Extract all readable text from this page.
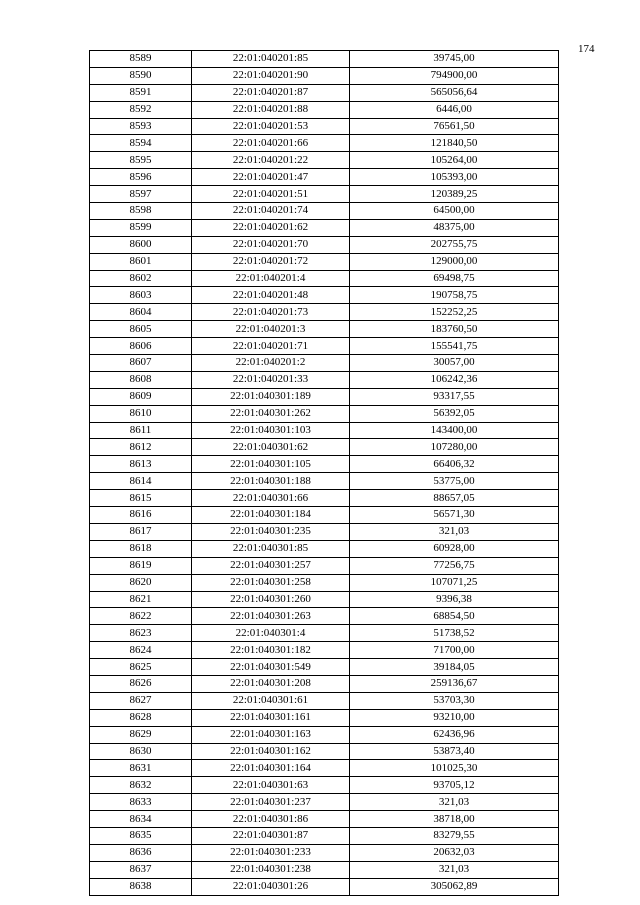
174
8589	22:01:040201:85	39745,00
8590	22:01:040201:90	794900,00
8591	22:01:040201:87	565056,64
8592	22:01:040201:88	6446,00
8593	22:01:040201:53	76561,50
8594	22:01:040201:66	121840,50
8595	22:01:040201:22	105264,00
8596	22:01:040201:47	105393,00
8597	22:01:040201:51	120389,25
8598	22:01:040201:74	64500,00
8599	22:01:040201:62	48375,00
8600	22:01:040201:70	202755,75
8601	22:01:040201:72	129000,00
8602	22:01:040201:4	69498,75
8603	22:01:040201:48	190758,75
8604	22:01:040201:73	152252,25
8605	22:01:040201:3	183760,50
8606	22:01:040201:71	155541,75
8607	22:01:040201:2	30057,00
8608	22:01:040201:33	106242,36
8609	22:01:040301:189	93317,55
8610	22:01:040301:262	56392,05
8611	22:01:040301:103	143400,00
8612	22:01:040301:62	107280,00
8613	22:01:040301:105	66406,32
8614	22:01:040301:188	53775,00
8615	22:01:040301:66	88657,05
8616	22:01:040301:184	56571,30
8617	22:01:040301:235	321,03
8618	22:01:040301:85	60928,00
8619	22:01:040301:257	77256,75
8620	22:01:040301:258	107071,25
8621	22:01:040301:260	9396,38
8622	22:01:040301:263	68854,50
8623	22:01:040301:4	51738,52
8624	22:01:040301:182	71700,00
8625	22:01:040301:549	39184,05
8626	22:01:040301:208	259136,67
8627	22:01:040301:61	53703,30
8628	22:01:040301:161	93210,00
8629	22:01:040301:163	62436,96
8630	22:01:040301:162	53873,40
8631	22:01:040301:164	101025,30
8632	22:01:040301:63	93705,12
8633	22:01:040301:237	321,03
8634	22:01:040301:86	38718,00
8635	22:01:040301:87	83279,55
8636	22:01:040301:233	20632,03
8637	22:01:040301:238	321,03
8638	22:01:040301:26	305062,89
